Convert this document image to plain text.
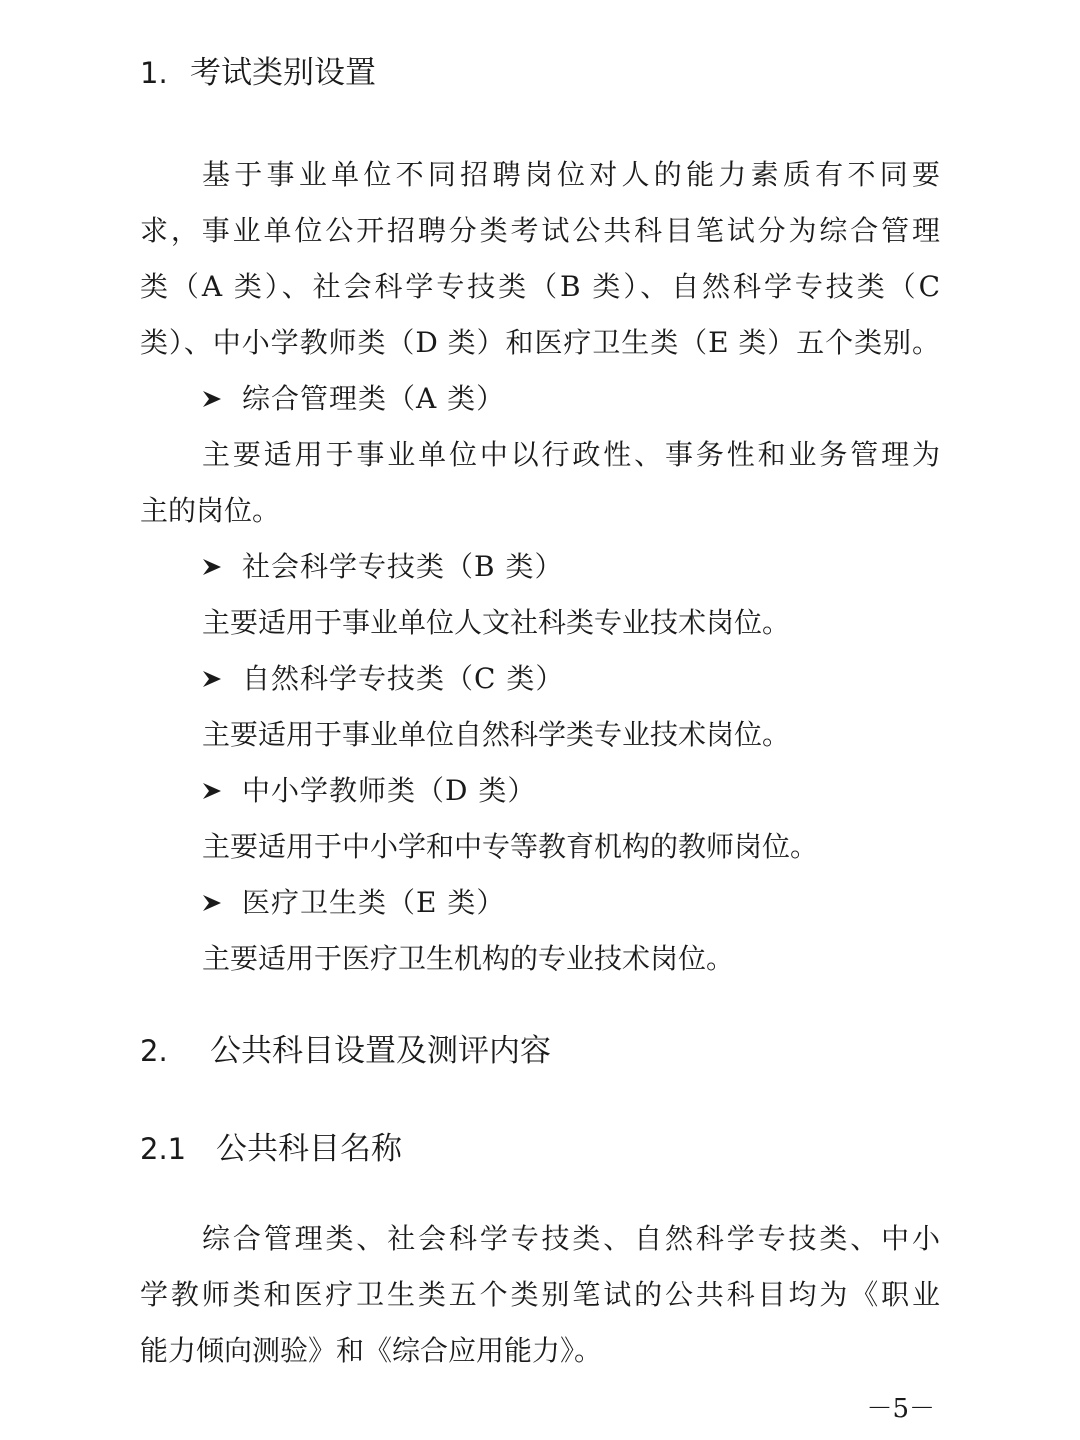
1. 考试类别设置
基于事业单位不同招聘岗位对人的能力素质有不同要
求，事业单位公开招聘分类考试公共科目笔试分为综合管理
类（A 类）、社会科学专技类（B 类）、自然科学专技类（C
类）、中小学教师类（D 类）和医疗卫生类（E 类）五个类别。
综合管理类（A 类）
主要适用于事业单位中以行政性、事务性和业务管理为
主的岗位。
社会科学专技类（B 类）
主要适用于事业单位人文社科类专业技术岗位。
自然科学专技类（C 类）
主要适用于事业单位自然科学类专业技术岗位。
中小学教师类（D 类）
主要适用于中小学和中专等教育机构的教师岗位。
医疗卫生类（E 类）
主要适用于医疗卫生机构的专业技术岗位。
2. 公共科目设置及测评内容
2.1 公共科目名称
综合管理类、社会科学专技类、自然科学专技类、中小
学教师类和医疗卫生类五个类别笔试的公共科目均为《职业
能力倾向测验》和《综合应用能力》。
－5－
